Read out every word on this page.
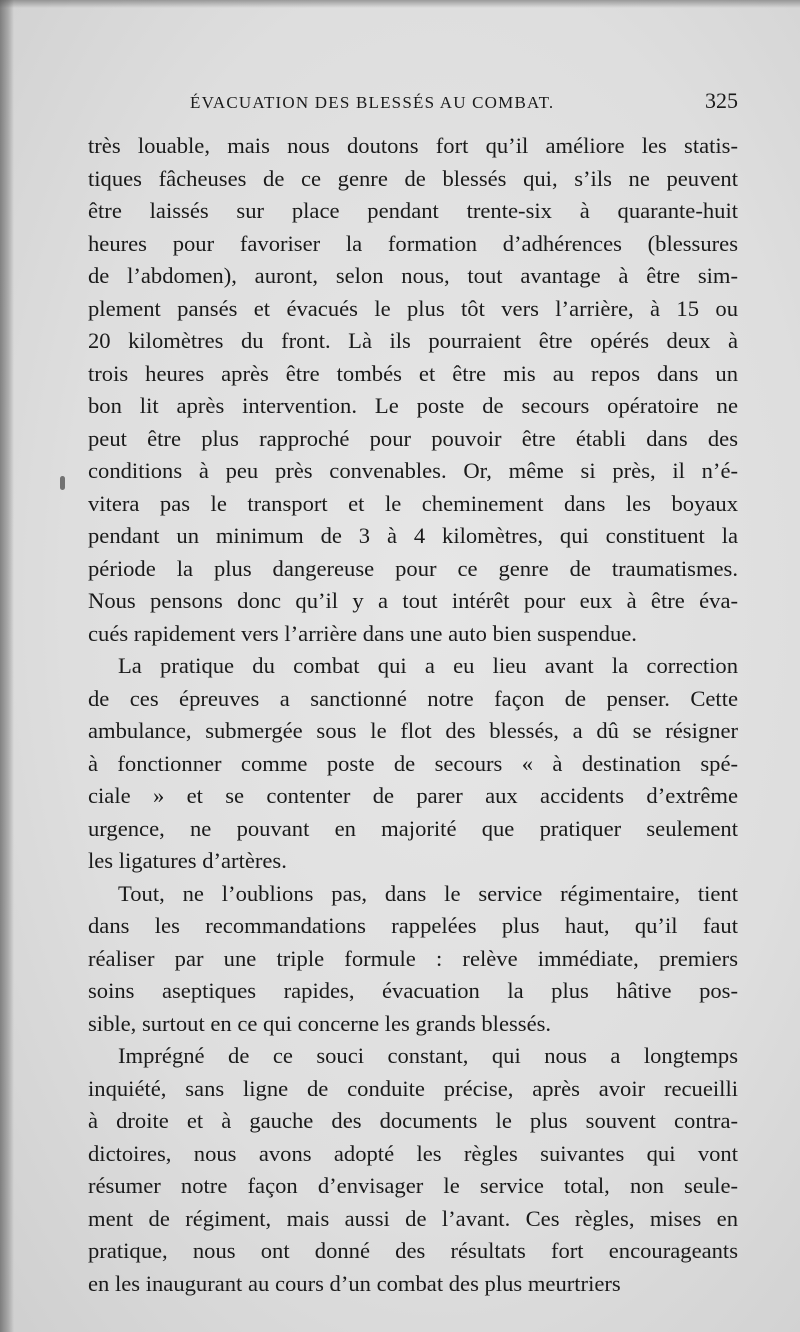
ÉVACUATION DES BLESSÉS AU COMBAT.	325
très louable, mais nous doutons fort qu’il améliore les statis-
tiques fâcheuses de ce genre de blessés qui, s’ils ne peuvent
être laissés sur place pendant trente-six à quarante-huit
heures pour favoriser la formation d’adhérences (blessures
de l’abdomen), auront, selon nous, tout avantage à être sim-
plement pansés et évacués le plus tôt vers l’arrière, à 15 ou
20 kilomètres du front. Là ils pourraient être opérés deux à
trois heures après être tombés et être mis au repos dans un
bon lit après intervention. Le poste de secours opératoire ne
peut être plus rapproché pour pouvoir être établi dans des
conditions à peu près convenables. Or, même si près, il n’é-
vitera pas le transport et le cheminement dans les boyaux
pendant un minimum de 3 à 4 kilomètres, qui constituent la
période la plus dangereuse pour ce genre de traumatismes.
Nous pensons donc qu’il y a tout intérêt pour eux à être éva-
cués rapidement vers l’arrière dans une auto bien suspendue.
La pratique du combat qui a eu lieu avant la correction
de ces épreuves a sanctionné notre façon de penser. Cette
ambulance, submergée sous le flot des blessés, a dû se résigner
à fonctionner comme poste de secours « à destination spé-
ciale » et se contenter de parer aux accidents d’extrême
urgence, ne pouvant en majorité que pratiquer seulement
les ligatures d’artères.
Tout, ne l’oublions pas, dans le service régimentaire, tient
dans les recommandations rappelées plus haut, qu’il faut
réaliser par une triple formule : relève immédiate, premiers
soins aseptiques rapides, évacuation la plus hâtive pos-
sible, surtout en ce qui concerne les grands blessés.
Imprégné de ce souci constant, qui nous a longtemps
inquiété, sans ligne de conduite précise, après avoir recueilli
à droite et à gauche des documents le plus souvent contra-
dictoires, nous avons adopté les règles suivantes qui vont
résumer notre façon d’envisager le service total, non seule-
ment de régiment, mais aussi de l’avant. Ces règles, mises en
pratique, nous ont donné des résultats fort encourageants
en les inaugurant au cours d’un combat des plus meurtriers
